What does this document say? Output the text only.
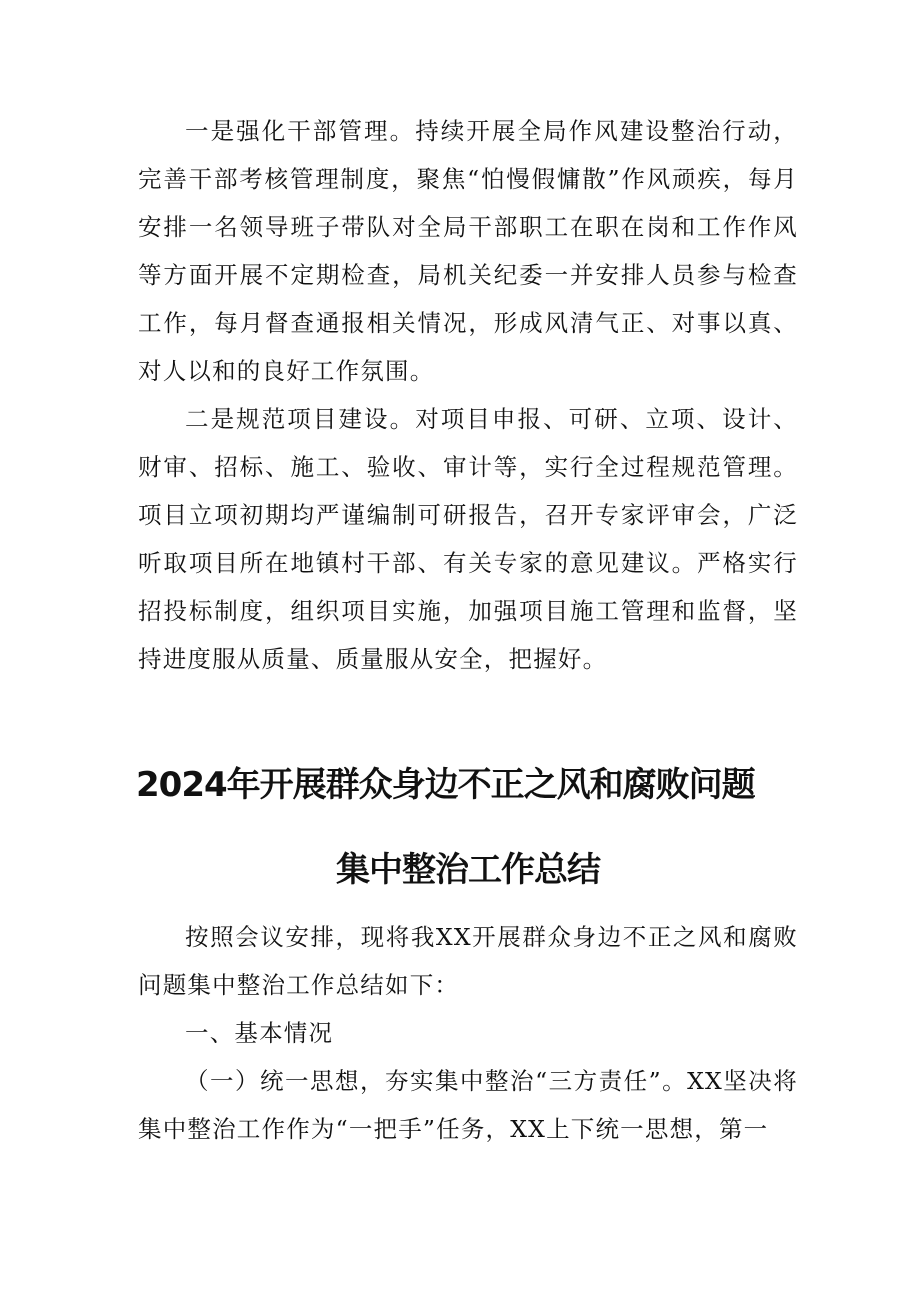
一是强化干部管理。持续开展全局作风建设整治行动，完善干部考核管理制度，聚焦“怕慢假慵散”作风顽疾，每月安排一名领导班子带队对全局干部职工在职在岗和工作作风等方面开展不定期检查，局机关纪委一并安排人员参与检查工作，每月督查通报相关情况，形成风清气正、对事以真、对人以和的良好工作氛围。

二是规范项目建设。对项目申报、可研、立项、设计、财审、招标、施工、验收、审计等，实行全过程规范管理。项目立项初期均严谨编制可研报告，召开专家评审会，广泛听取项目所在地镇村干部、有关专家的意见建议。严格实行招投标制度，组织项目实施，加强项目施工管理和监督，坚持进度服从质量、质量服从安全，把握好。

2024年开展群众身边不正之风和腐败问题
集中整治工作总结

按照会议安排，现将我XX开展群众身边不正之风和腐败问题集中整治工作总结如下：

一、基本情况

（一）统一思想，夯实集中整治“三方责任”。XX坚决将集中整治工作作为“一把手”任务，XX上下统一思想，第一
